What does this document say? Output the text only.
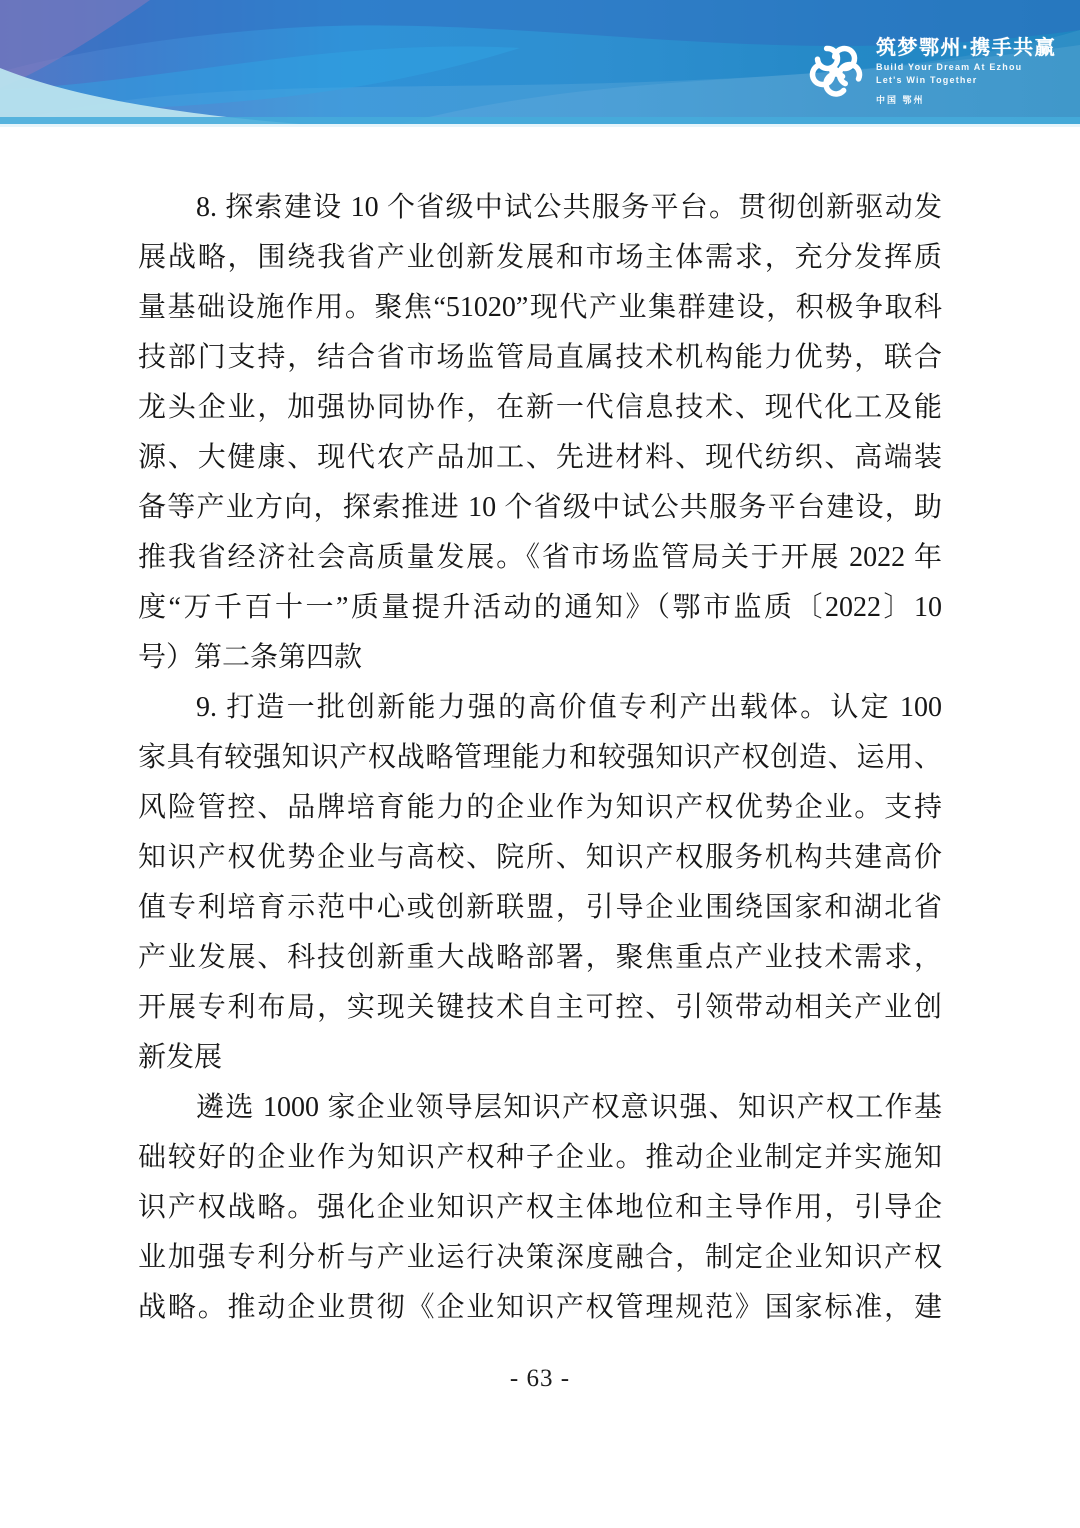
筑梦鄂州·携手共赢
Build Your Dream At Ezhou
Let's Win Together
中国 鄂州
8. 探索建设 10 个省级中试公共服务平台。贯彻创新驱动发
展战略，围绕我省产业创新发展和市场主体需求，充分发挥质
量基础设施作用。聚焦“51020”现代产业集群建设，积极争取科
技部门支持，结合省市场监管局直属技术机构能力优势，联合
龙头企业，加强协同协作，在新一代信息技术、现代化工及能
源、大健康、现代农产品加工、先进材料、现代纺织、高端装
备等产业方向，探索推进 10 个省级中试公共服务平台建设，助
推我省经济社会高质量发展。《省市场监管局关于开展 2022 年
度“万千百十一”质量提升活动的通知》（鄂市监质〔2022〕10
号）第二条第四款
9. 打造一批创新能力强的高价值专利产出载体。认定 100
家具有较强知识产权战略管理能力和较强知识产权创造、运用、
风险管控、品牌培育能力的企业作为知识产权优势企业。支持
知识产权优势企业与高校、院所、知识产权服务机构共建高价
值专利培育示范中心或创新联盟，引导企业围绕国家和湖北省
产业发展、科技创新重大战略部署，聚焦重点产业技术需求，
开展专利布局，实现关键技术自主可控、引领带动相关产业创
新发展
遴选 1000 家企业领导层知识产权意识强、知识产权工作基
础较好的企业作为知识产权种子企业。推动企业制定并实施知
识产权战略。强化企业知识产权主体地位和主导作用，引导企
业加强专利分析与产业运行决策深度融合，制定企业知识产权
战略。推动企业贯彻《企业知识产权管理规范》国家标准，建
- 63 -
